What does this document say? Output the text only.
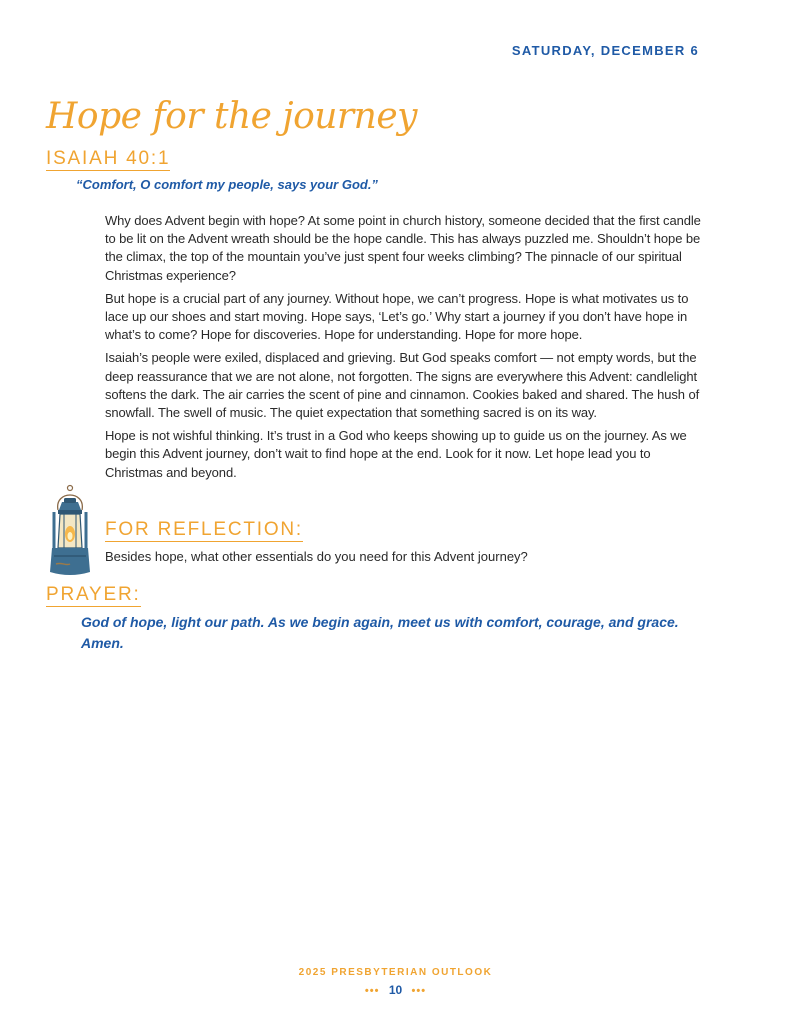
SATURDAY, DECEMBER 6
Hope for the journey
ISAIAH 40:1
“Comfort, O comfort my people, says your God.”

Why does Advent begin with hope? At some point in church history, someone decided that the first candle to be lit on the Advent wreath should be the hope candle. This has always puzzled me. Shouldn’t hope be the climax, the top of the mountain you’ve just spent four weeks climbing? The pinnacle of our spiritual Christmas experience?

But hope is a crucial part of any journey. Without hope, we can’t progress. Hope is what motivates us to lace up our shoes and start moving. Hope says, ‘Let’s go.’ Why start a journey if you don’t have hope in what’s to come? Hope for discoveries. Hope for understanding. Hope for more hope.

Isaiah’s people were exiled, displaced and grieving. But God speaks comfort — not empty words, but the deep reassurance that we are not alone, not forgotten. The signs are everywhere this Advent: candlelight softens the dark. The air carries the scent of pine and cinnamon. Cookies baked and shared. The hush of snowfall. The swell of music. The quiet expectation that something sacred is on its way.

Hope is not wishful thinking. It’s trust in a God who keeps showing up to guide us on the journey. As we begin this Advent journey, don’t wait to find hope at the end. Look for it now. Let hope lead you to Christmas and beyond.

FOR REFLECTION:
Besides hope, what other essentials do you need for this Advent journey?
PRAYER:
God of hope, light our path. As we begin again, meet us with comfort, courage, and grace. Amen.
2025 PRESBYTERIAN OUTLOOK
••• 10 •••
